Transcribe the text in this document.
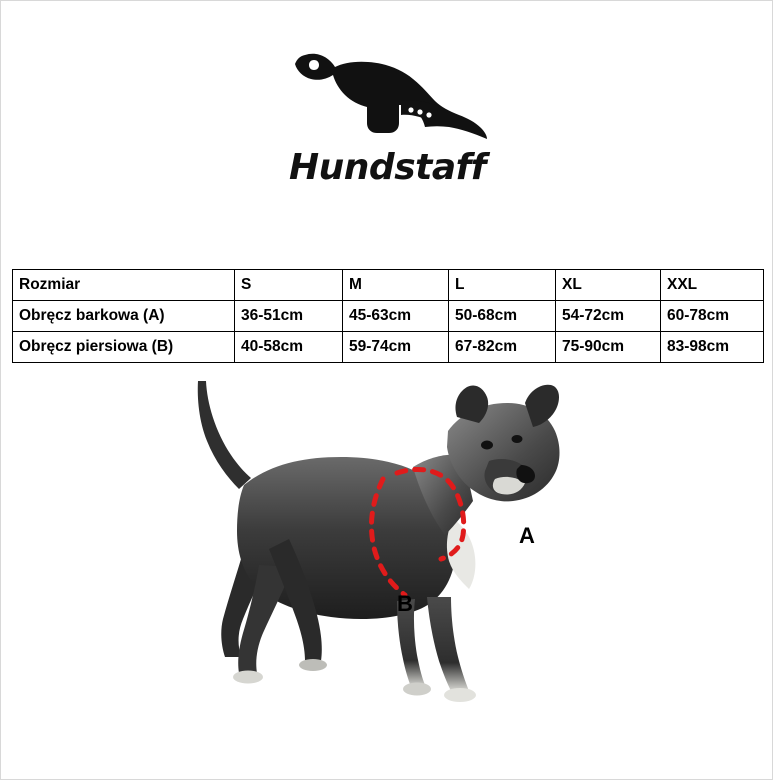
Hundstaff
Rozmiar	S	M	L	XL	XXL
Obręcz barkowa (A)	36-51cm	45-63cm	50-68cm	54-72cm	60-78cm
Obręcz piersiowa (B)	40-58cm	59-74cm	67-82cm	75-90cm	83-98cm
A
B
